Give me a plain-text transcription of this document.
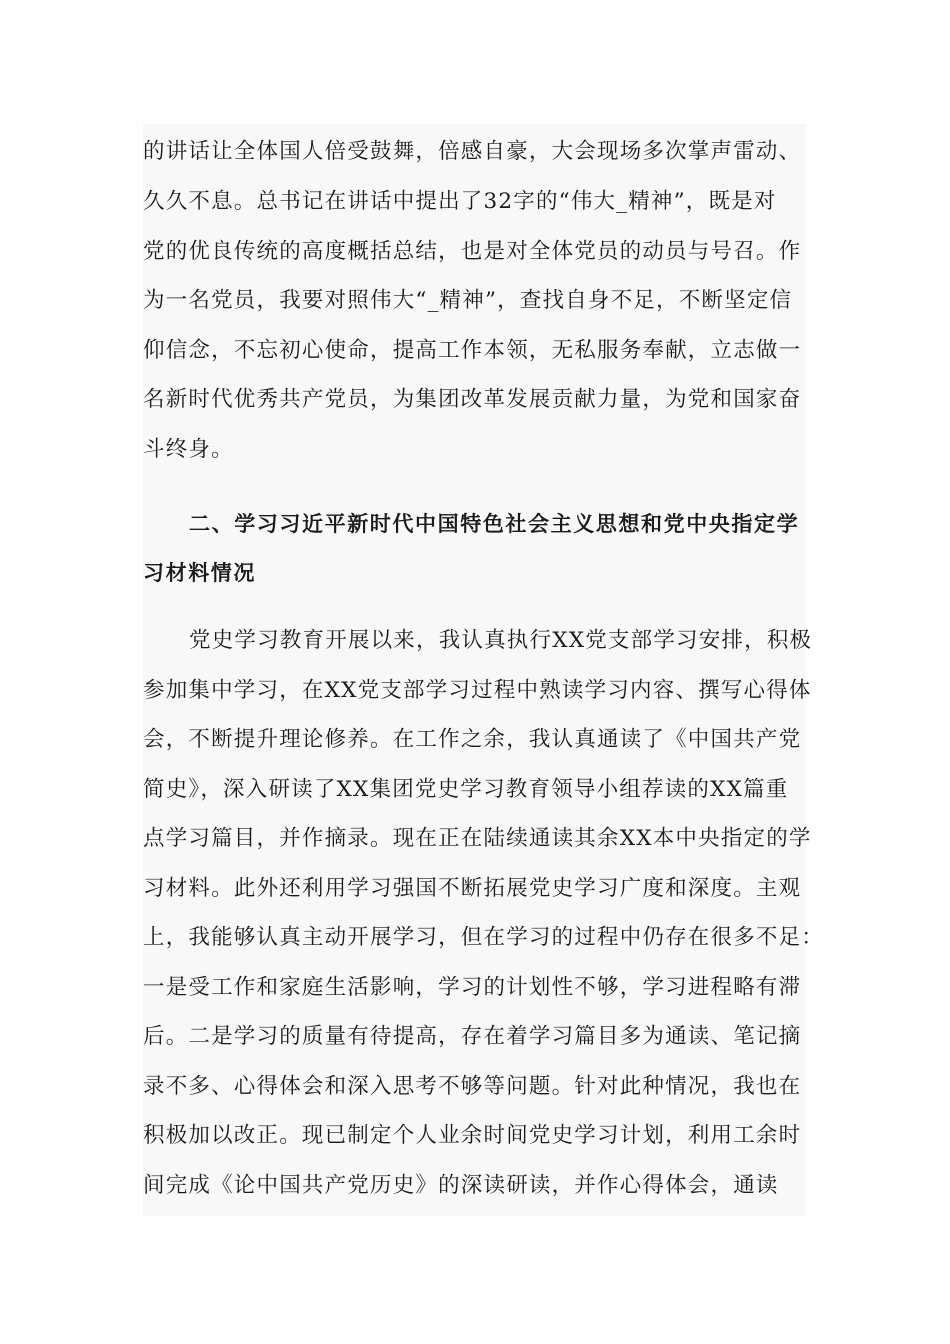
的讲话让全体国人倍受鼓舞，倍感自豪，大会现场多次掌声雷动、
久久不息。总书记在讲话中提出了32字的“伟大_精神”，既是对
党的优良传统的高度概括总结，也是对全体党员的动员与号召。作
为一名党员，我要对照伟大“_精神”，查找自身不足，不断坚定信
仰信念，不忘初心使命，提高工作本领，无私服务奉献，立志做一
名新时代优秀共产党员，为集团改革发展贡献力量，为党和国家奋
斗终身。
二、学习习近平新时代中国特色社会主义思想和党中央指定学
习材料情况
党史学习教育开展以来，我认真执行XX党支部学习安排，积极
参加集中学习，在XX党支部学习过程中熟读学习内容、撰写心得体
会，不断提升理论修养。在工作之余，我认真通读了《中国共产党
简史》，深入研读了XX集团党史学习教育领导小组荐读的XX篇重
点学习篇目，并作摘录。现在正在陆续通读其余XX本中央指定的学
习材料。此外还利用学习强国不断拓展党史学习广度和深度。主观
上，我能够认真主动开展学习，但在学习的过程中仍存在很多不足：
一是受工作和家庭生活影响，学习的计划性不够，学习进程略有滞
后。二是学习的质量有待提高，存在着学习篇目多为通读、笔记摘
录不多、心得体会和深入思考不够等问题。针对此种情况，我也在
积极加以改正。现已制定个人业余时间党史学习计划，利用工余时
间完成《论中国共产党历史》的深读研读，并作心得体会，通读
